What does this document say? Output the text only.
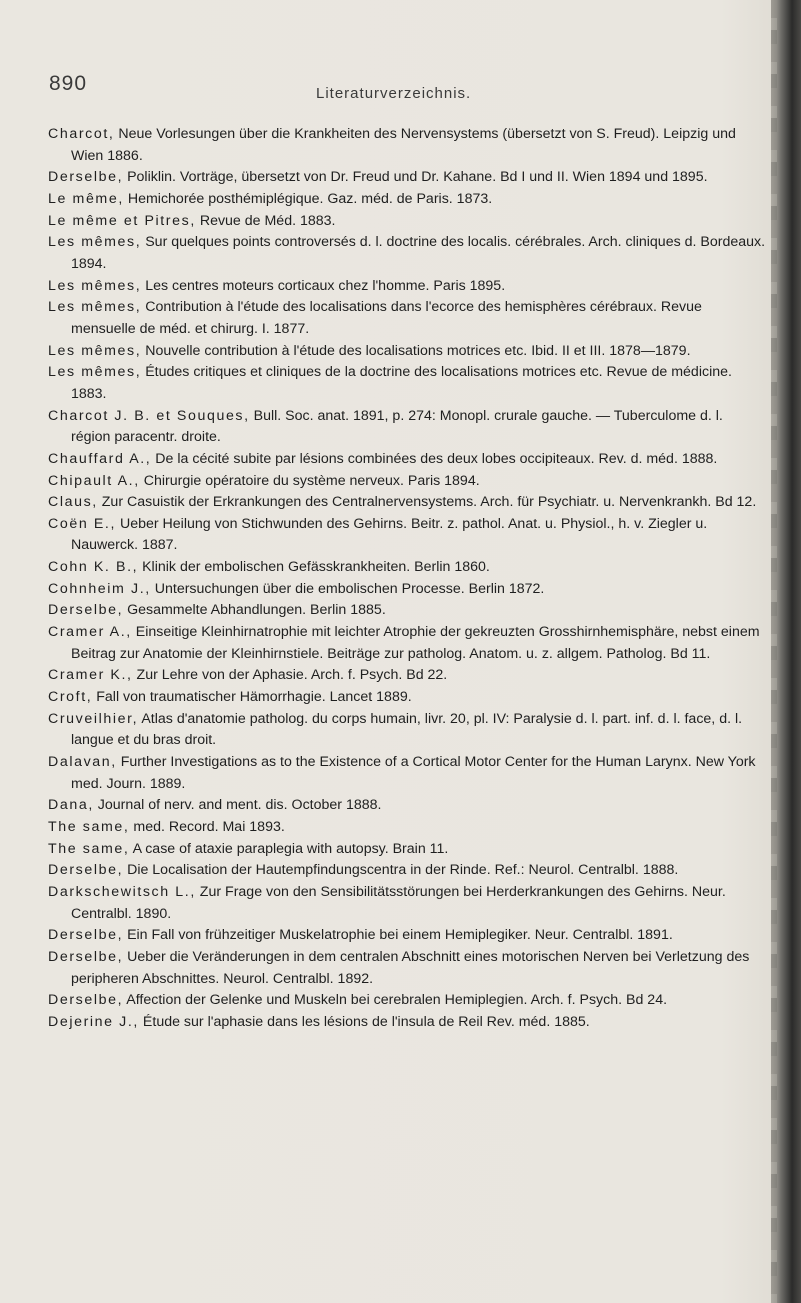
890	Literaturverzeichnis.
Charcot, Neue Vorlesungen über die Krankheiten des Nervensystems (übersetzt von S. Freud). Leipzig und Wien 1886.
Derselbe, Poliklin. Vorträge, übersetzt von Dr. Freud und Dr. Kahane. Bd I und II. Wien 1894 und 1895.
Le même, Hemichorée posthémiplégique. Gaz. méd. de Paris. 1873.
Le même et Pitres, Revue de Méd. 1883.
Les mêmes, Sur quelques points controversés d. l. doctrine des localis. cérébrales. Arch. cliniques d. Bordeaux. 1894.
Les mêmes, Les centres moteurs corticaux chez l'homme. Paris 1895.
Les mêmes, Contribution à l'étude des localisations dans l'ecorce des hemisphères cérébraux. Revue mensuelle de méd. et chirurg. I. 1877.
Les mêmes, Nouvelle contribution à l'étude des localisations motrices etc. Ibid. II et III. 1878—1879.
Les mêmes, Études critiques et cliniques de la doctrine des localisations motrices etc. Revue de médicine. 1883.
Charcot J. B. et Souques, Bull. Soc. anat. 1891, p. 274: Monopl. crurale gauche. — Tuberculome d. l. région paracentr. droite.
Chauffard A., De la cécité subite par lésions combinées des deux lobes occipiteaux. Rev. d. méd. 1888.
Chipault A., Chirurgie opératoire du système nerveux. Paris 1894.
Claus, Zur Casuistik der Erkrankungen des Centralnervensystems. Arch. für Psychiatr. u. Nervenkrankh. Bd 12.
Coën E., Ueber Heilung von Stichwunden des Gehirns. Beitr. z. pathol. Anat. u. Physiol., h. v. Ziegler u. Nauwerck. 1887.
Cohn K. B., Klinik der embolischen Gefässkrankheiten. Berlin 1860.
Cohnheim J., Untersuchungen über die embolischen Processe. Berlin 1872.
Derselbe, Gesammelte Abhandlungen. Berlin 1885.
Cramer A., Einseitige Kleinhirnatrophie mit leichter Atrophie der gekreuzten Grosshirnhemisphäre, nebst einem Beitrag zur Anatomie der Kleinhirnstiele. Beiträge zur patholog. Anatom. u. z. allgem. Patholog. Bd 11.
Cramer K., Zur Lehre von der Aphasie. Arch. f. Psych. Bd 22.
Croft, Fall von traumatischer Hämorrhagie. Lancet 1889.
Cruveilhier, Atlas d'anatomie patholog. du corps humain, livr. 20, pl. IV: Paralysie d. l. part. inf. d. l. face, d. l. langue et du bras droit.
Dalavan, Further Investigations as to the Existence of a Cortical Motor Center for the Human Larynx. New York med. Journ. 1889.
Dana, Journal of nerv. and ment. dis. October 1888.
The same, med. Record. Mai 1893.
The same, A case of ataxie paraplegia with autopsy. Brain 11.
Derselbe, Die Localisation der Hautempfindungscentra in der Rinde. Ref.: Neurol. Centralbl. 1888.
Darkschewitsch L., Zur Frage von den Sensibilitätsstörungen bei Herderkrankungen des Gehirns. Neur. Centralbl. 1890.
Derselbe, Ein Fall von frühzeitiger Muskelatrophie bei einem Hemiplegiker. Neur. Centralbl. 1891.
Derselbe, Ueber die Veränderungen in dem centralen Abschnitt eines motorischen Nerven bei Verletzung des peripheren Abschnittes. Neurol. Centralbl. 1892.
Derselbe, Affection der Gelenke und Muskeln bei cerebralen Hemiplegien. Arch. f. Psych. Bd 24.
Dejerine J., Étude sur l'aphasie dans les lésions de l'insula de Reil Rev. méd. 1885.
